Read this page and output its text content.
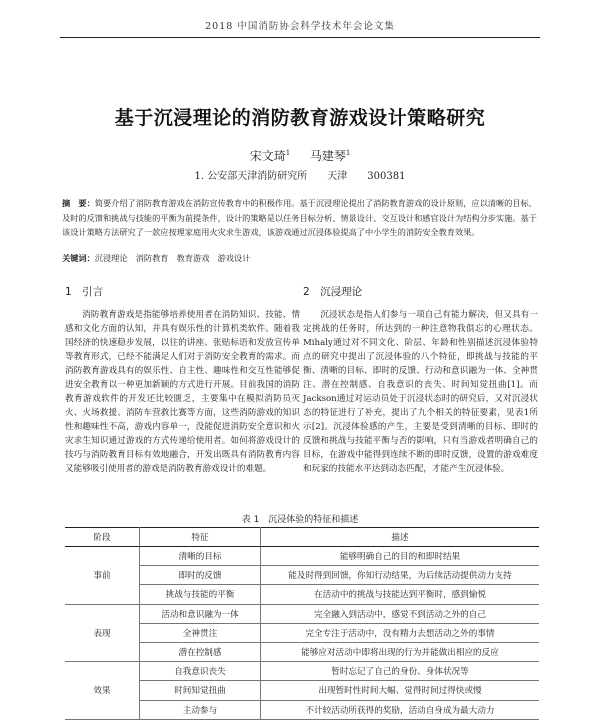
2018 中国消防协会科学技术年会论文集
基于沉浸理论的消防教育游戏设计策略研究
宋文琦$^1$ 　 马建琴$^1$
1. 公安部天津消防研究所　　天津　　300381
摘　要：简要介绍了消防教育游戏在消防宣传教育中的积极作用。基于沉浸理论提出了消防教育游戏的设计原则，应以清晰的目标、及时的反馈和挑战与技能的平衡为前提条件，设计的策略是以任务目标分析、情景设计、交互设计和感官设计为结构分步实施。基于该设计策略方法研究了一款应按理家庭用火灾求生游戏，该游戏通过沉浸体验提高了中小学生的消防安全教育效果。
关键词：沉浸理论　消防教育　教育游戏　游戏设计
1　引言

消防教育游戏是指能够培养使用者在消防知识、技能、情感和文化方面的认知，并具有娱乐性的计算机类软件。随着我国经济的快速稳步发展，以往的讲座、张贴标语和发放宣传单等教育形式，已经不能满足人们对于消防安全教育的需求。而消防教育游戏具有的娱乐性、自主性、趣味性和交互性能够促进安全教育以一种更加新颖的方式进行开展。目前我国的消防教育游戏软件的开发还比较匮乏，主要集中在模拟消防员灭火、火场救援、消防车营救比赛等方面，这些消防游戏的知识性和趣味性不高，游戏内容单一，没能促进消防安全意识和火灾求生知识通过游戏的方式传递给使用者。如何将游戏设计的技巧与消防教育目标有效地融合，开发出既具有消防教育内容又能够吸引使用者的游戏是消防教育游戏设计的难题。

2　沉浸理论

沉浸状态是指人们参与一项自己有能力解决，但又具有一定挑战的任务时，所达到的一种注意物我俱忘的心理状态。Mihaly通过对不同文化、阶层、年龄和性别描述沉浸体验特点的研究中提出了沉浸体验的八个特征，即挑战与技能的平衡、清晰的目标、即时的反馈、行动和意识融为一体、全神贯注、潜在控制感、自我意识的丧失、时间知觉扭曲[1]。而Jackson通过对运动员处于沉浸状态时的研究后，又对沉浸状态的特征进行了补充，提出了九个相关的特征要素，见表1所示[2]。沉浸体验感的产生，主要是受到清晰的目标、即时的反馈和挑战与技能平衡与否的影响，只有当游戏者明确自己的目标，在游戏中能得到连续不断的即时反馈，设置的游戏难度和玩家的技能水平达到动态匹配，才能产生沉浸体验。

表 1　沉浸体验的特征和描述
阶段	特征	描述
事前	清晰的目标	能够明确自己的目的和即时结果
	即时的反馈	能及时得到回馈，你知行动结果，为后续活动提供动力支持
	挑战与技能的平衡	在活动中的挑战与技能达到平衡时，感到愉悦
表现	活动和意识融为一体	完全融入到活动中，感觉不到活动之外的自己
	全神贯注	完全专注于活动中，没有精力去想活动之外的事情
	潜在控制感	能够应对活动中即将出现的行为并能做出相应的反应
效果	自我意识丧失	暂时忘记了自己的身份、身体状况等
	时间知觉扭曲	出现暂时性时间大幅、觉得时间过得快或慢
	主动参与	不计较活动所获得的奖励，活动自身成为最大动力
